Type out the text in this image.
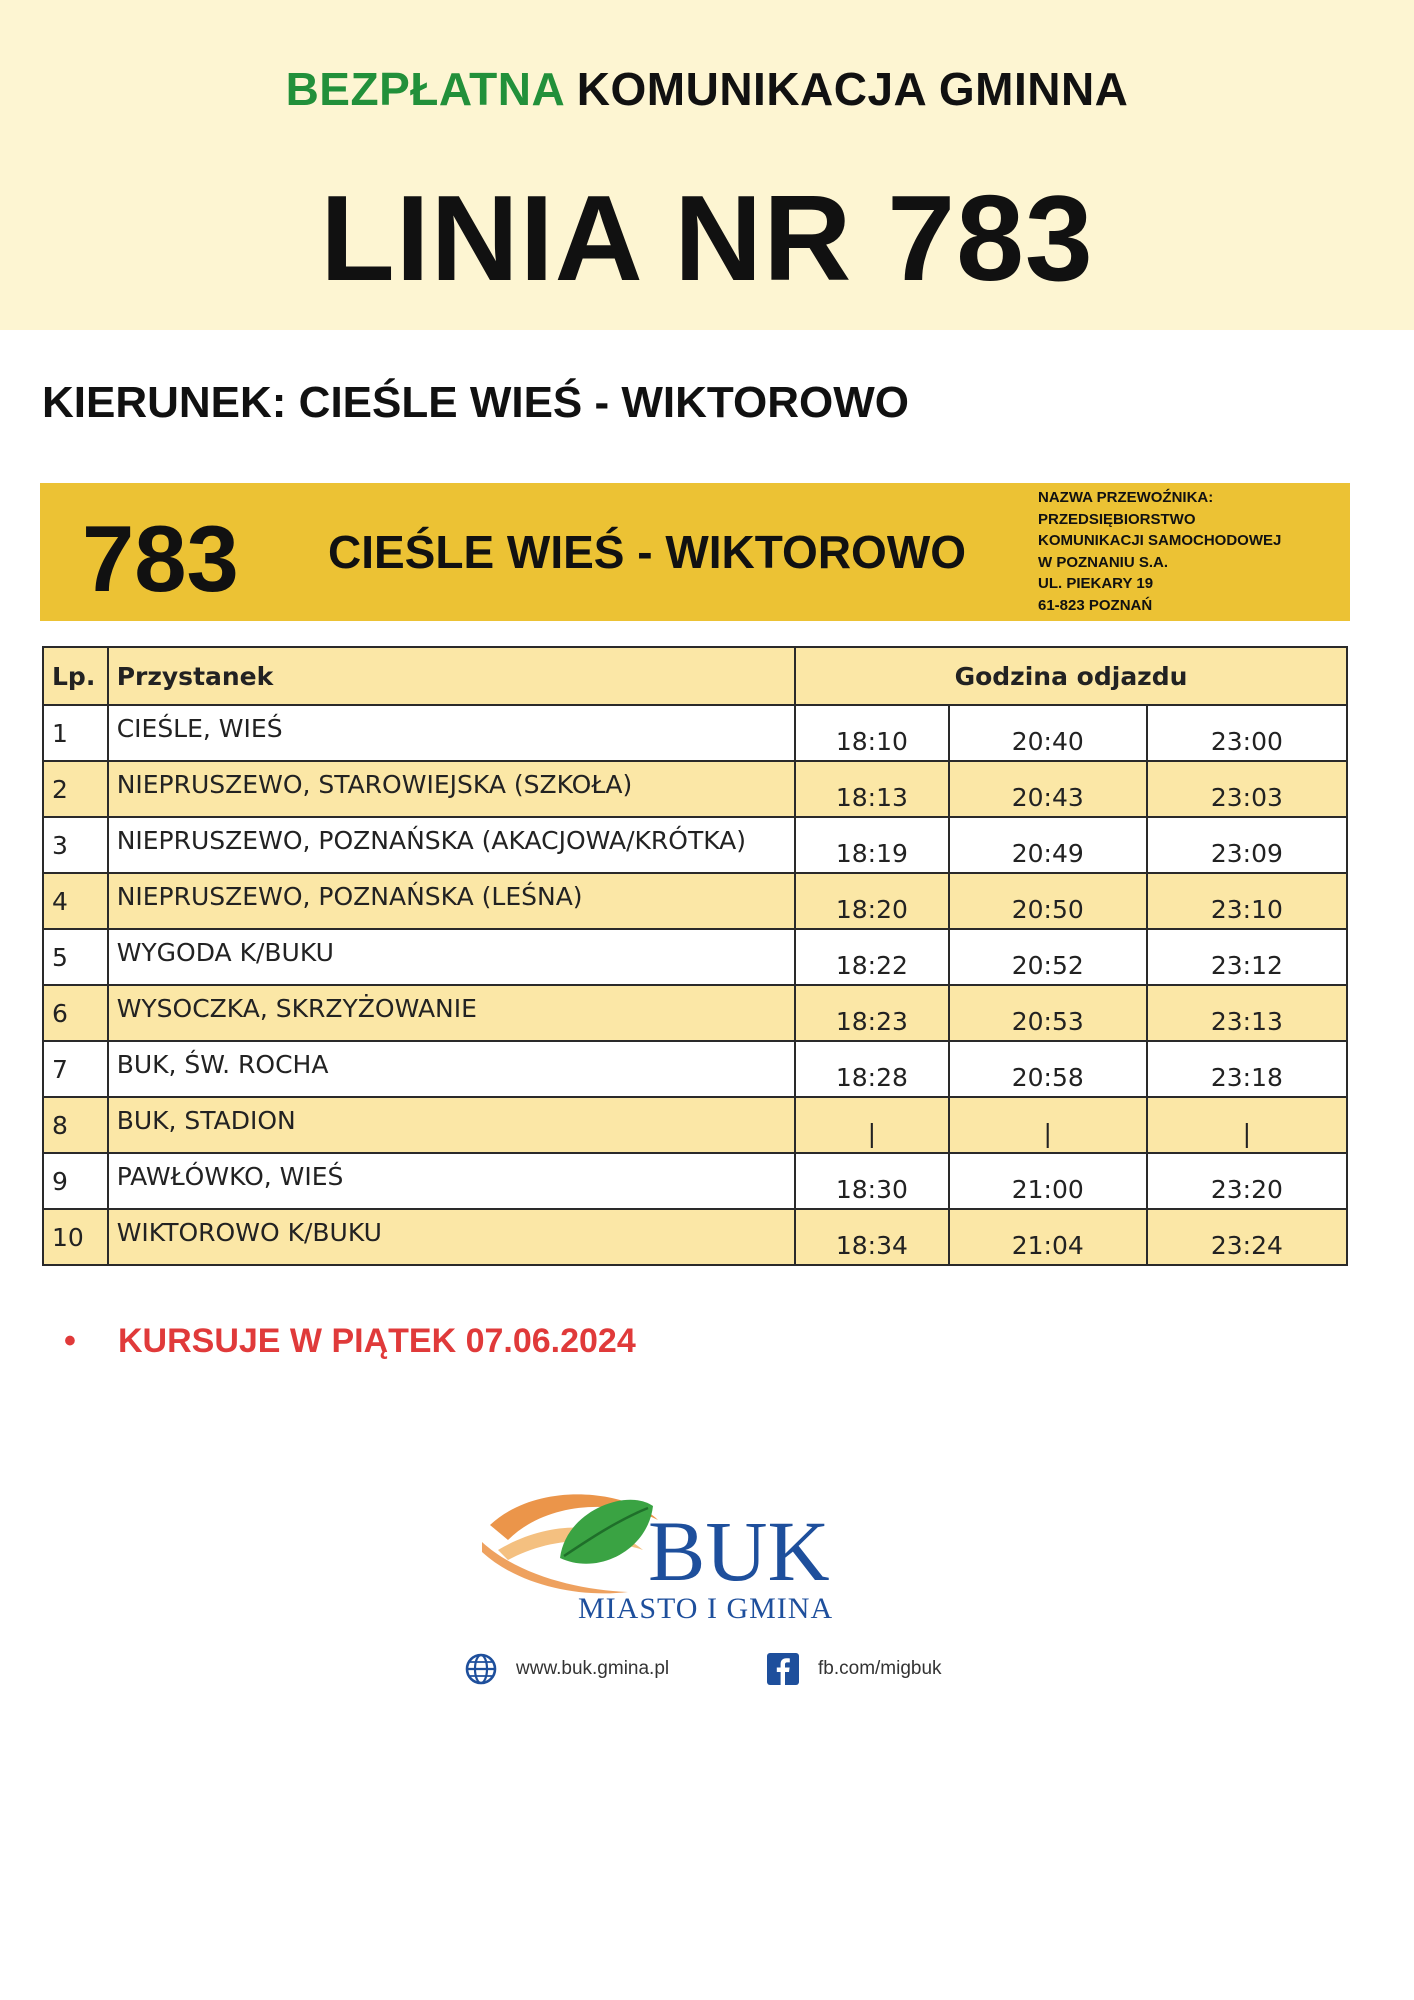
BEZPŁATNA KOMUNIKACJA GMINNA
LINIA NR 783
KIERUNEK: CIEŚLE WIEŚ - WIKTOROWO
783 CIEŚLE WIEŚ - WIKTOROWO
NAZWA PRZEWOŹNIKA:
PRZEDSIĘBIORSTWO
KOMUNIKACJI SAMOCHODOWEJ
W POZNANIU S.A.
UL. PIEKARY 19
61-823 POZNAŃ
Lp.	Przystanek	Godzina odjazdu		
1	CIEŚLE, WIEŚ	18:10	20:40	23:00
2	NIEPRUSZEWO, STAROWIEJSKA (SZKOŁA)	18:13	20:43	23:03
3	NIEPRUSZEWO, POZNAŃSKA (AKACJOWA/KRÓTKA)	18:19	20:49	23:09
4	NIEPRUSZEWO, POZNAŃSKA (LEŚNA)	18:20	20:50	23:10
5	WYGODA K/BUKU	18:22	20:52	23:12
6	WYSOCZKA, SKRZYŻOWANIE	18:23	20:53	23:13
7	BUK, ŚW. ROCHA	18:28	20:58	23:18
8	BUK, STADION	|	|	|
9	PAWŁÓWKO, WIEŚ	18:30	21:00	23:20
10	WIKTOROWO K/BUKU	18:34	21:04	23:24
• KURSUJE W PIĄTEK 07.06.2024
BUK
MIASTO I GMINA
www.buk.gmina.pl	fb.com/migbuk
